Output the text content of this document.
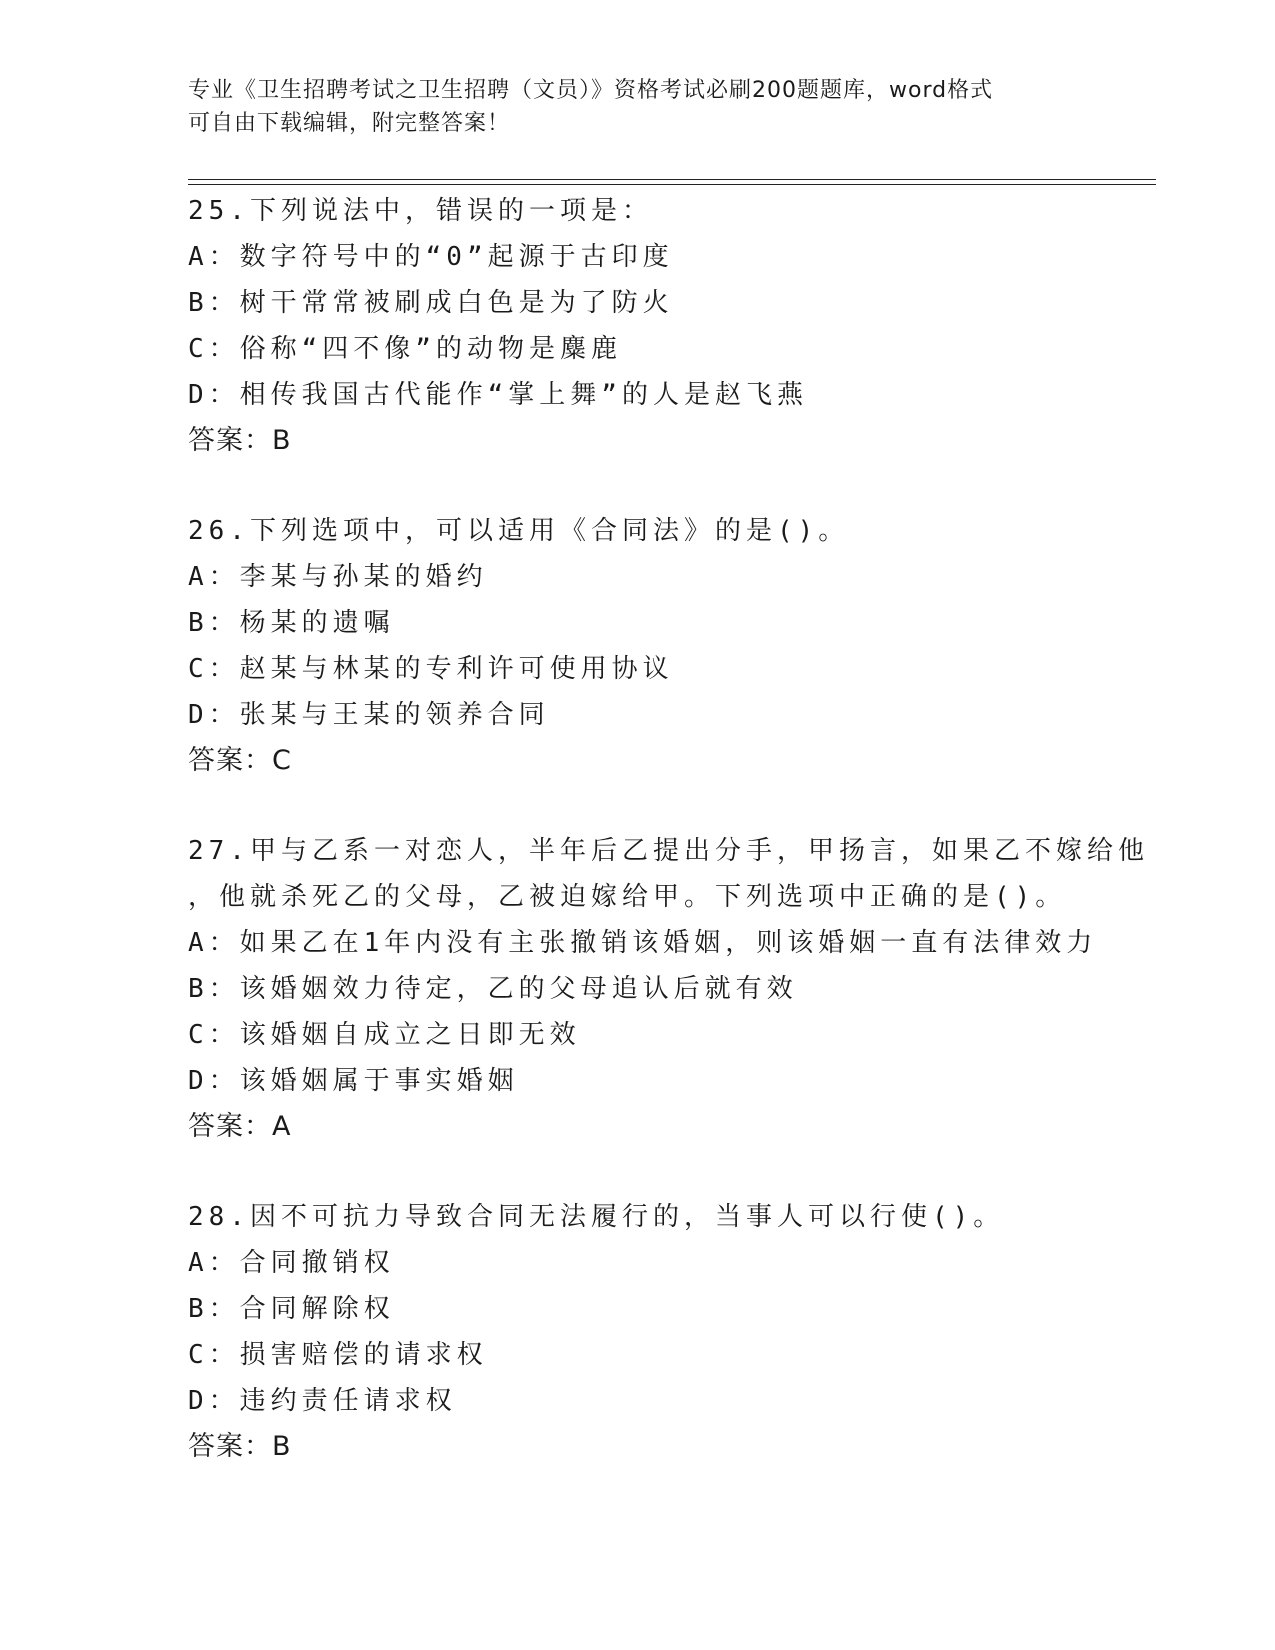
专业《卫生招聘考试之卫生招聘（文员）》资格考试必刷200题题库，word格式
可自由下载编辑，附完整答案！
25.下列说法中，错误的一项是：
A：数字符号中的“0”起源于古印度
B：树干常常被刷成白色是为了防火
C：俗称“四不像”的动物是麋鹿
D：相传我国古代能作“掌上舞”的人是赵飞燕
答案：B
26.下列选项中，可以适用《合同法》的是()。
A：李某与孙某的婚约
B：杨某的遗嘱
C：赵某与林某的专利许可使用协议
D：张某与王某的领养合同
答案：C
27.甲与乙系一对恋人，半年后乙提出分手，甲扬言，如果乙不嫁给他
，他就杀死乙的父母，乙被迫嫁给甲。下列选项中正确的是()。
A：如果乙在1年内没有主张撤销该婚姻，则该婚姻一直有法律效力
B：该婚姻效力待定，乙的父母追认后就有效
C：该婚姻自成立之日即无效
D：该婚姻属于事实婚姻
答案：A
28.因不可抗力导致合同无法履行的，当事人可以行使()。
A：合同撤销权
B：合同解除权
C：损害赔偿的请求权
D：违约责任请求权
答案：B
